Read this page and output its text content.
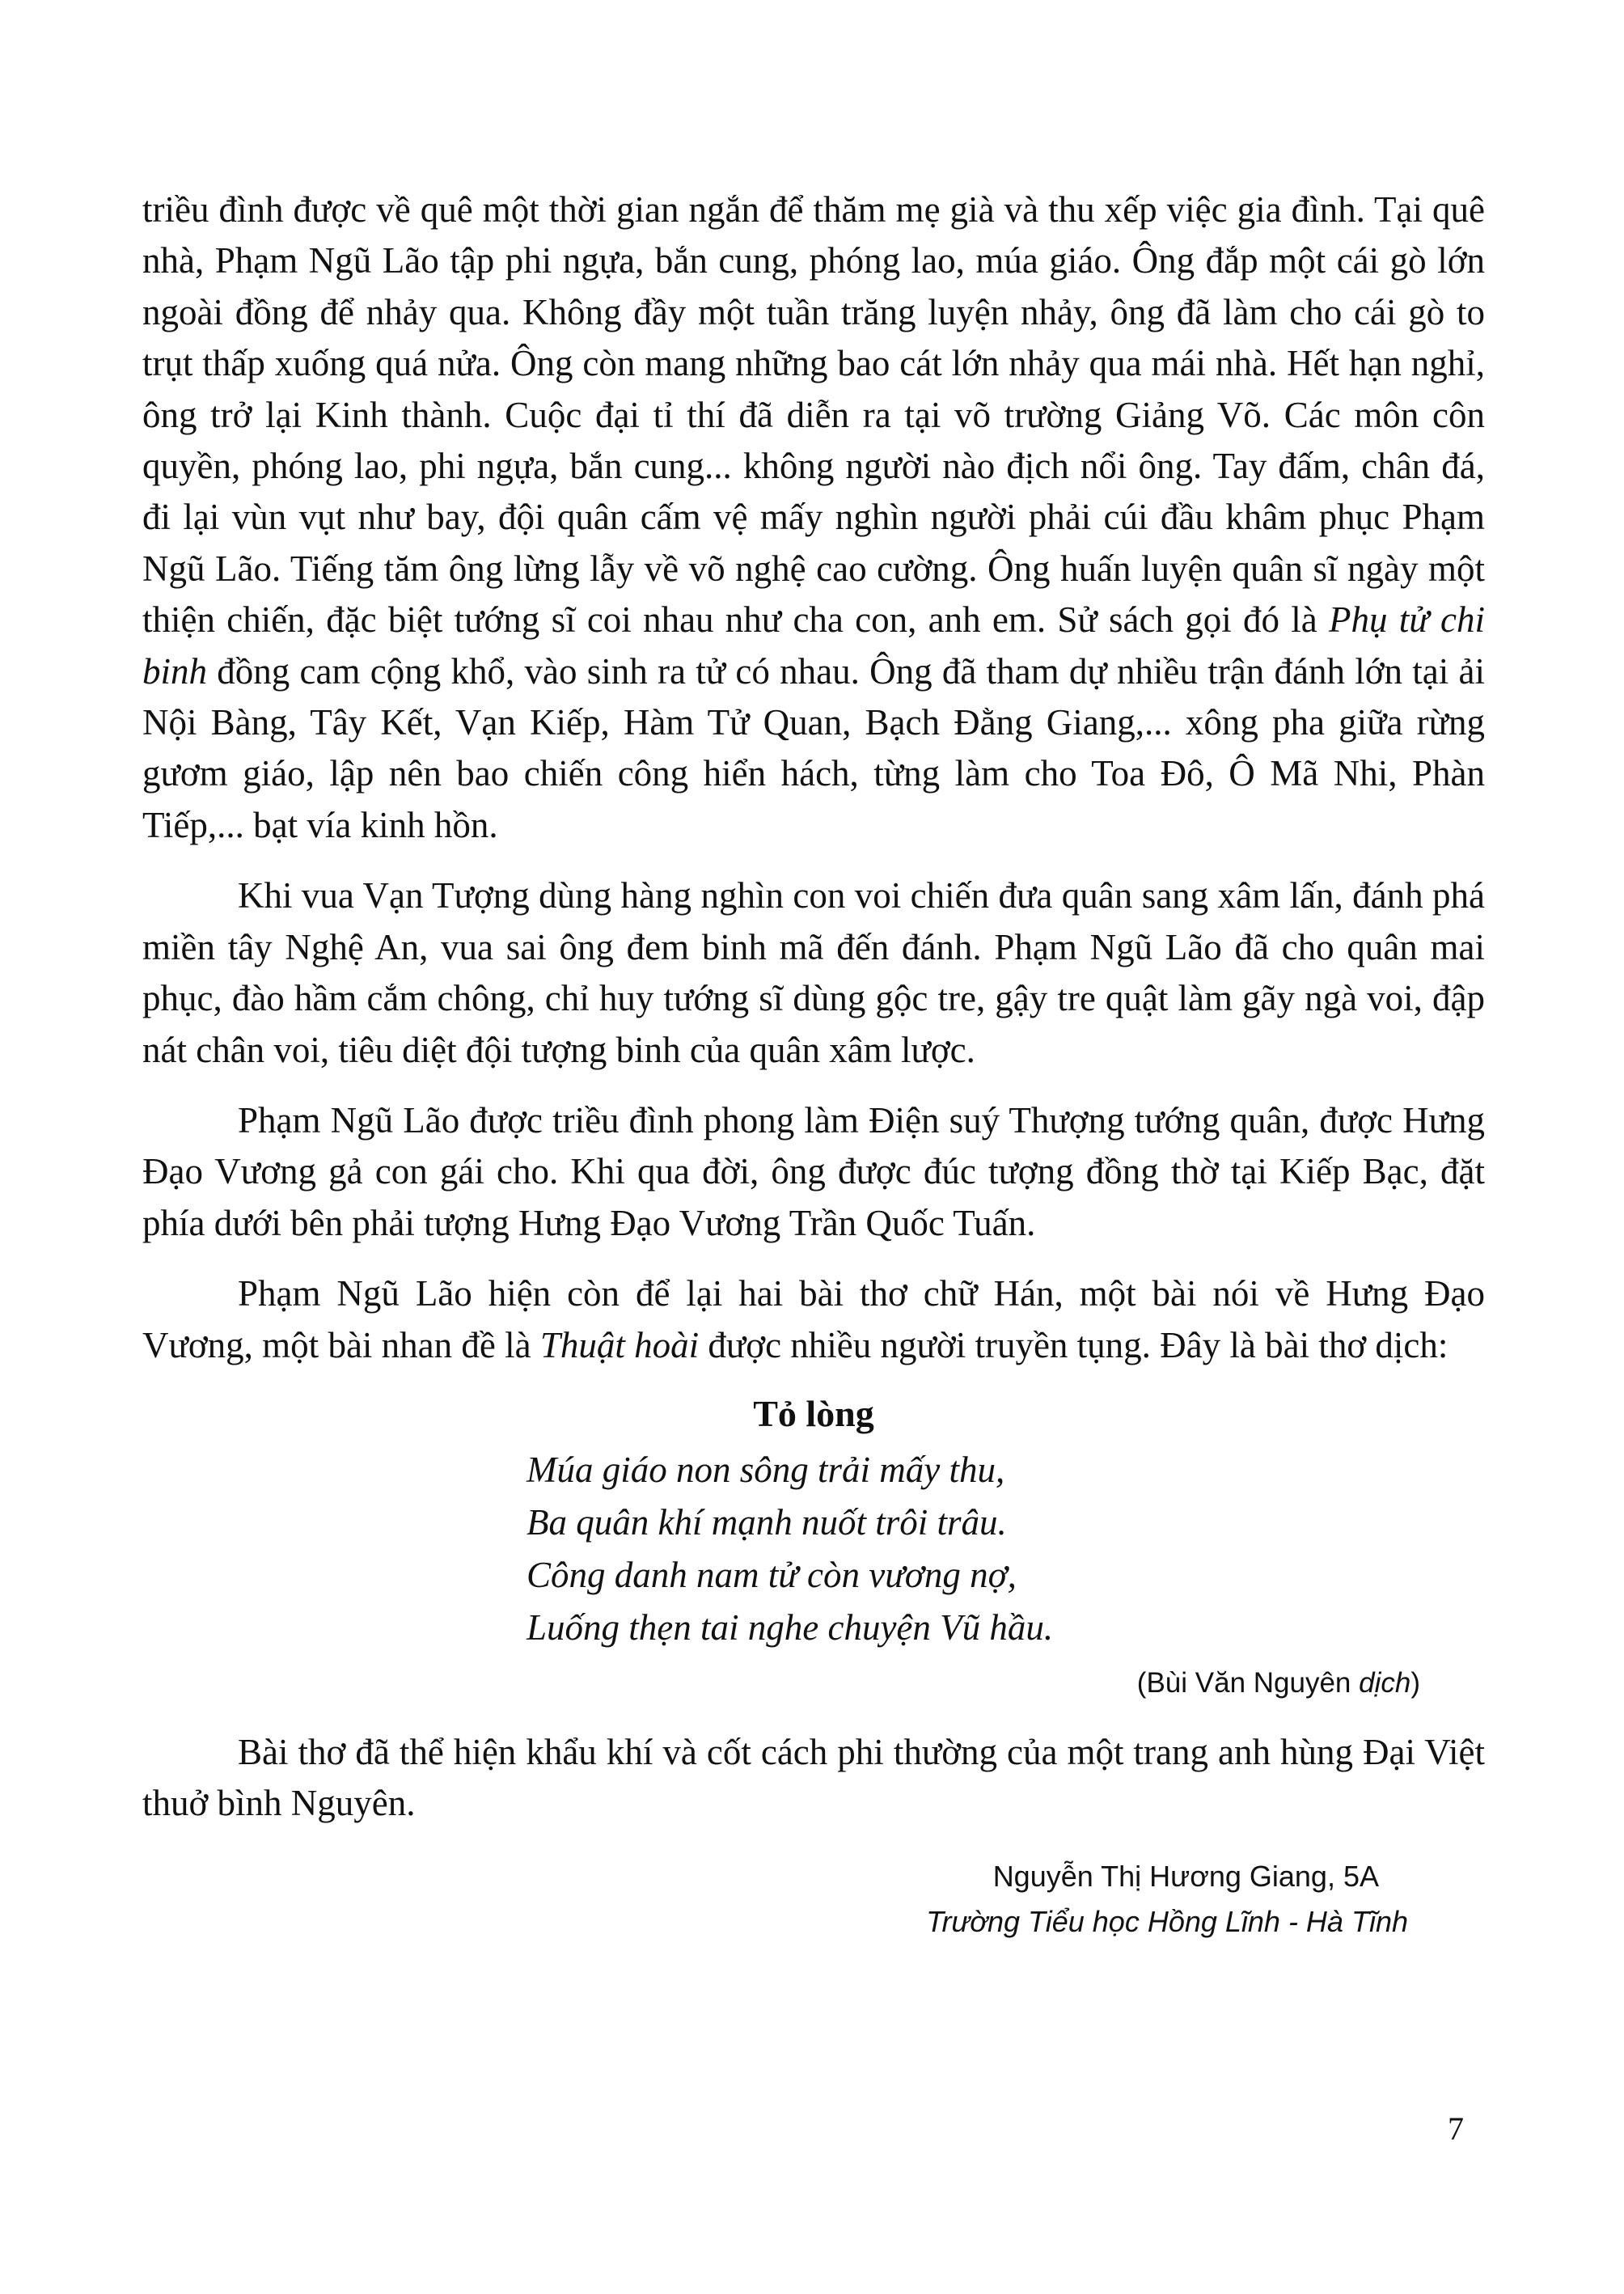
triều đình được về quê một thời gian ngắn để thăm mẹ già và thu xếp việc gia đình. Tại quê nhà, Phạm Ngũ Lão tập phi ngựa, bắn cung, phóng lao, múa giáo. Ông đắp một cái gò lớn ngoài đồng để nhảy qua. Không đầy một tuần trăng luyện nhảy, ông đã làm cho cái gò to trụt thấp xuống quá nửa. Ông còn mang những bao cát lớn nhảy qua mái nhà. Hết hạn nghỉ, ông trở lại Kinh thành. Cuộc đại tỉ thí đã diễn ra tại võ trường Giảng Võ. Các môn côn quyền, phóng lao, phi ngựa, bắn cung... không người nào địch nổi ông. Tay đấm, chân đá, đi lại vùn vụt như bay, đội quân cấm vệ mấy nghìn người phải cúi đầu khâm phục Phạm Ngũ Lão. Tiếng tăm ông lừng lẫy về võ nghệ cao cường. Ông huấn luyện quân sĩ ngày một thiện chiến, đặc biệt tướng sĩ coi nhau như cha con, anh em. Sử sách gọi đó là Phụ tử chi binh đồng cam cộng khổ, vào sinh ra tử có nhau. Ông đã tham dự nhiều trận đánh lớn tại ải Nội Bàng, Tây Kết, Vạn Kiếp, Hàm Tử Quan, Bạch Đằng Giang,... xông pha giữa rừng gươm giáo, lập nên bao chiến công hiển hách, từng làm cho Toa Đô, Ô Mã Nhi, Phàn Tiếp,... bạt vía kinh hồn.

Khi vua Vạn Tượng dùng hàng nghìn con voi chiến đưa quân sang xâm lấn, đánh phá miền tây Nghệ An, vua sai ông đem binh mã đến đánh. Phạm Ngũ Lão đã cho quân mai phục, đào hầm cắm chông, chỉ huy tướng sĩ dùng gộc tre, gậy tre quật làm gãy ngà voi, đập nát chân voi, tiêu diệt đội tượng binh của quân xâm lược.

Phạm Ngũ Lão được triều đình phong làm Điện suý Thượng tướng quân, được Hưng Đạo Vương gả con gái cho. Khi qua đời, ông được đúc tượng đồng thờ tại Kiếp Bạc, đặt phía dưới bên phải tượng Hưng Đạo Vương Trần Quốc Tuấn.

Phạm Ngũ Lão hiện còn để lại hai bài thơ chữ Hán, một bài nói về Hưng Đạo Vương, một bài nhan đề là Thuật hoài được nhiều người truyền tụng. Đây là bài thơ dịch:

Tỏ lòng
Múa giáo non sông trải mấy thu,
Ba quân khí mạnh nuốt trôi trâu.
Công danh nam tử còn vương nợ,
Luống thẹn tai nghe chuyện Vũ hầu.
(Bùi Văn Nguyên dịch)

Bài thơ đã thể hiện khẩu khí và cốt cách phi thường của một trang anh hùng Đại Việt thuở bình Nguyên.

Nguyễn Thị Hương Giang, 5A
Trường Tiểu học Hồng Lĩnh - Hà Tĩnh
7
